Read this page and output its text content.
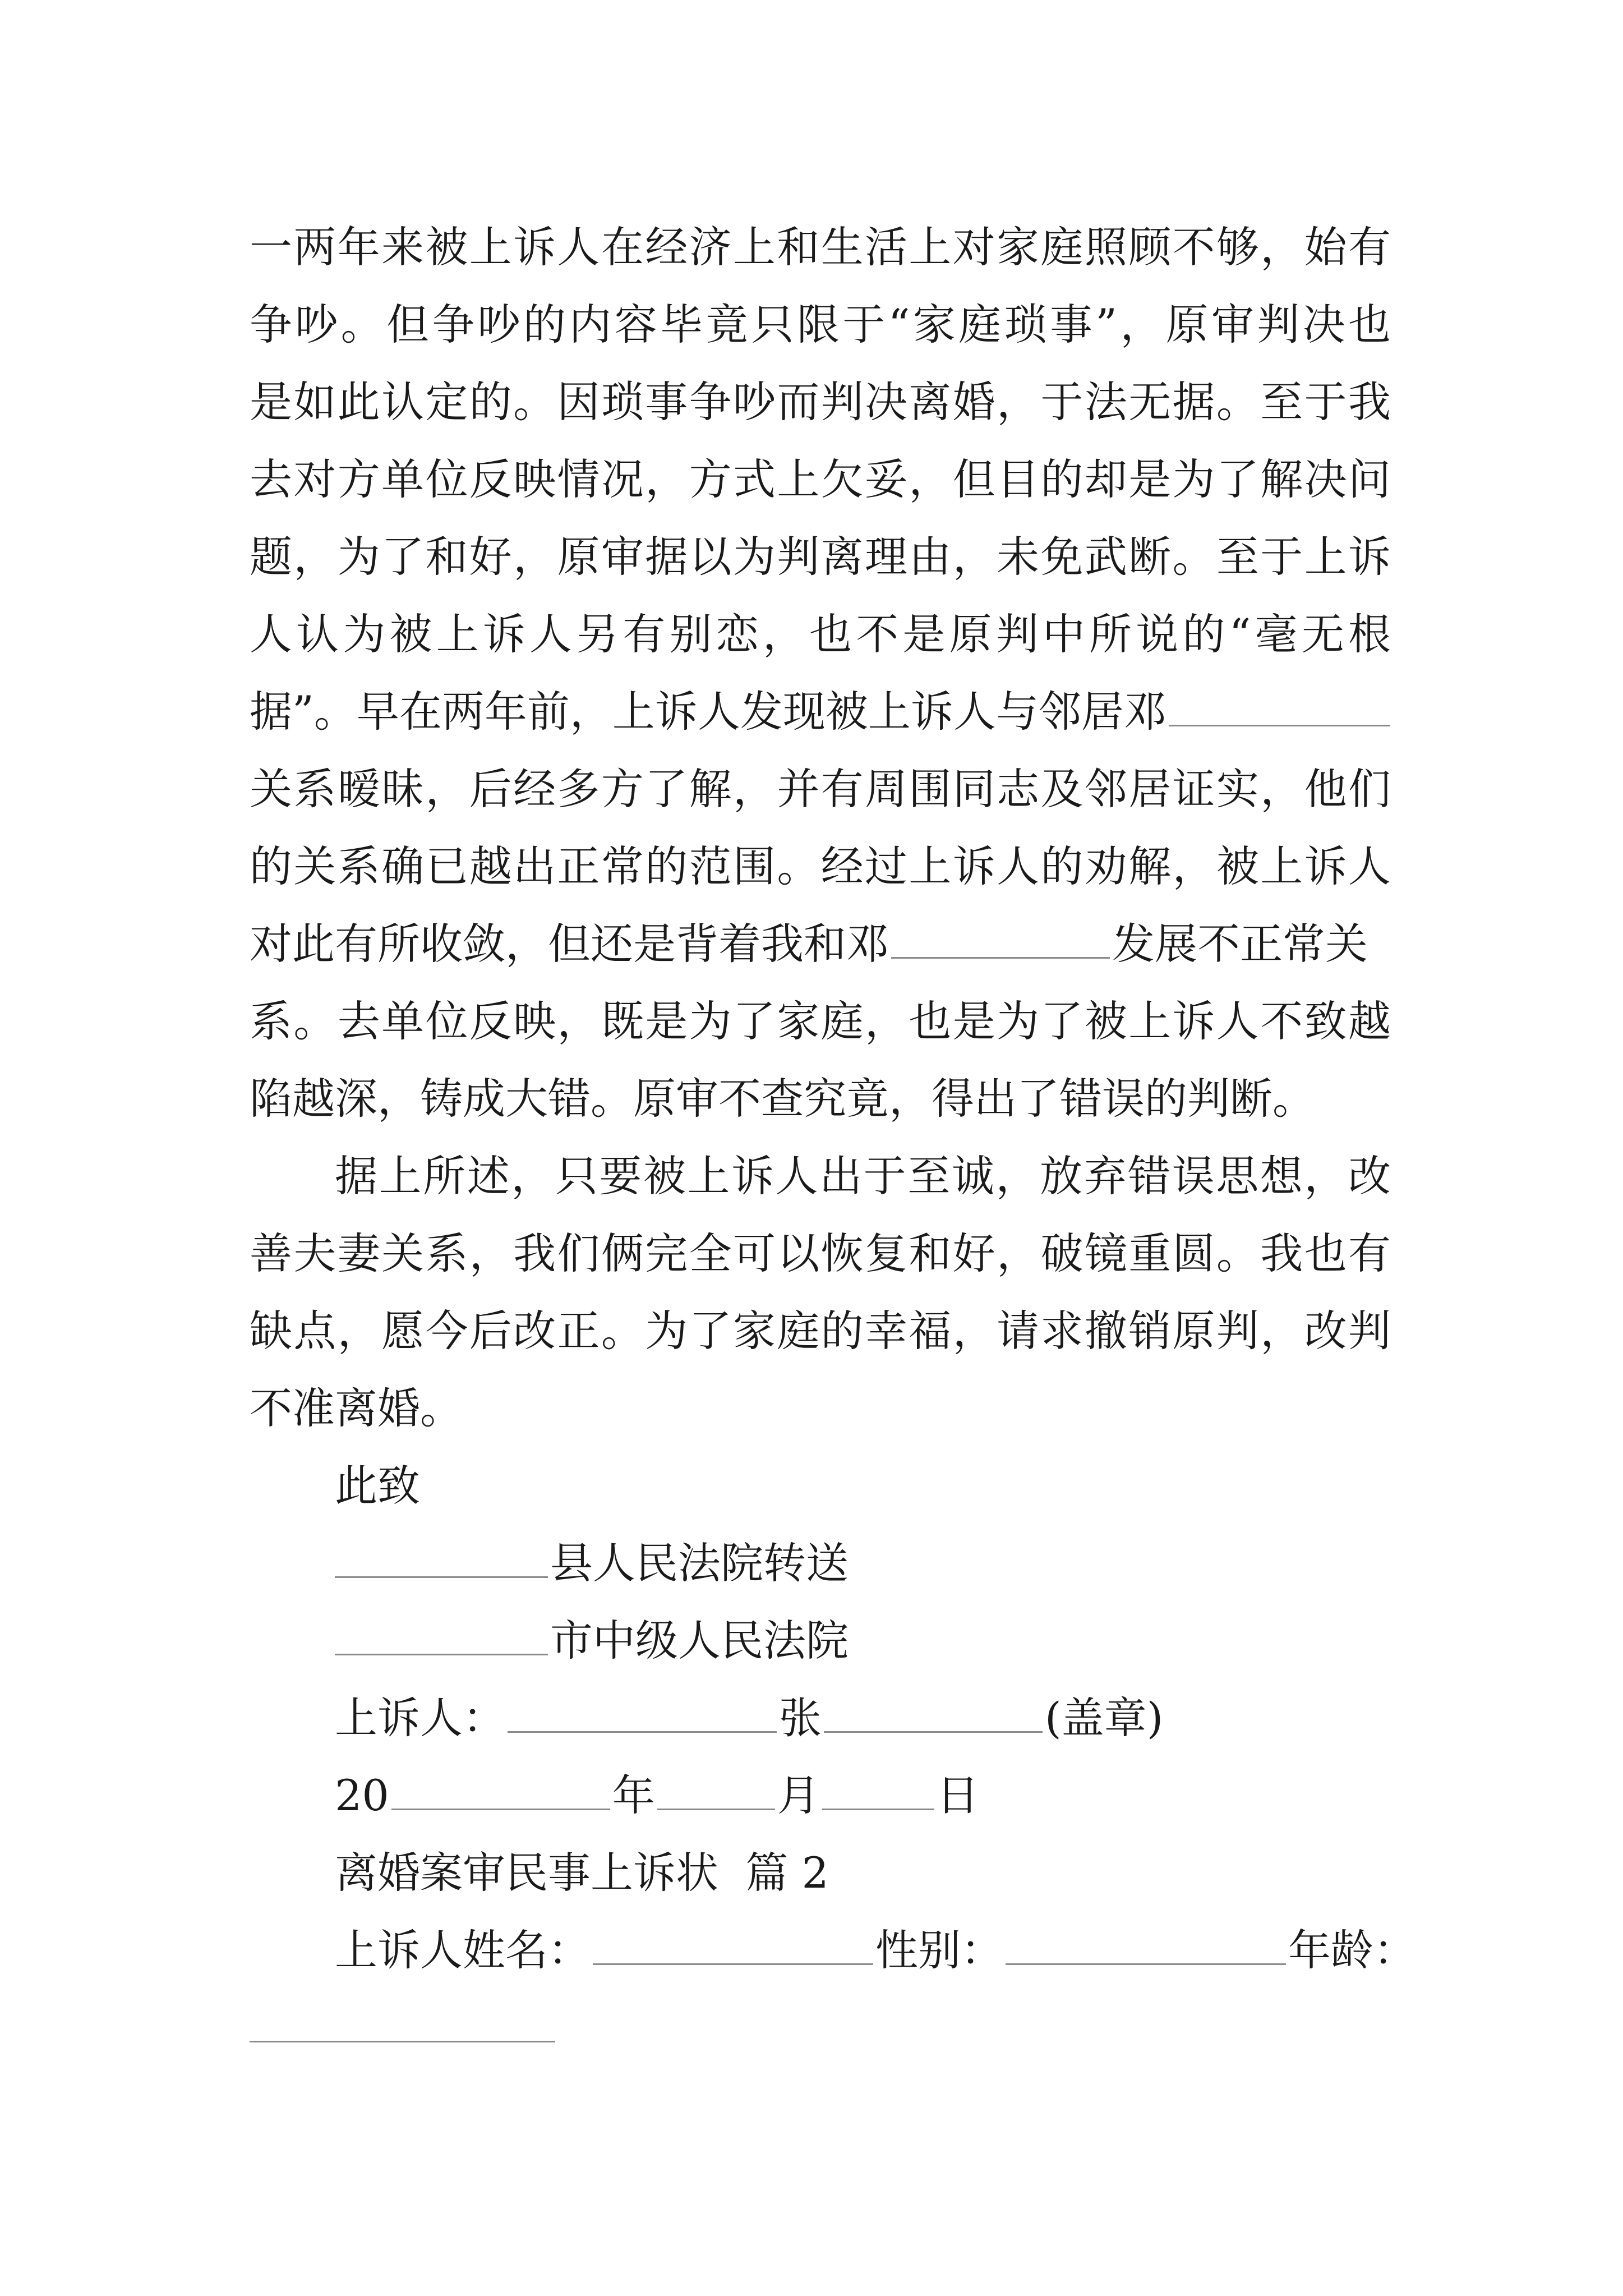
一两年来被上诉人在经济上和生活上对家庭照顾不够，始有
争吵。但争吵的内容毕竟只限于“家庭琐事”，原审判决也
是如此认定的。因琐事争吵而判决离婚，于法无据。至于我
去对方单位反映情况，方式上欠妥，但目的却是为了解决问
题，为了和好，原审据以为判离理由，未免武断。至于上诉
人认为被上诉人另有别恋，也不是原判中所说的“毫无根
据”。早在两年前，上诉人发现被上诉人与邻居邓
关系暧昧，后经多方了解，并有周围同志及邻居证实，他们
的关系确已越出正常的范围。经过上诉人的劝解，被上诉人
对此有所收敛，但还是背着我和邓	发展不正常关
系。去单位反映，既是为了家庭，也是为了被上诉人不致越
陷越深，铸成大错。原审不查究竟，得出了错误的判断。
据上所述，只要被上诉人出于至诚，放弃错误思想，改
善夫妻关系，我们俩完全可以恢复和好，破镜重圆。我也有
缺点，愿今后改正。为了家庭的幸福，请求撤销原判，改判
不准离婚。
此致
县人民法院转送
市中级人民法院
上诉人：	张	(盖章)
20	年	月	日
离婚案审民事上诉状  篇 2
上诉人姓名：	性别：	年龄：
